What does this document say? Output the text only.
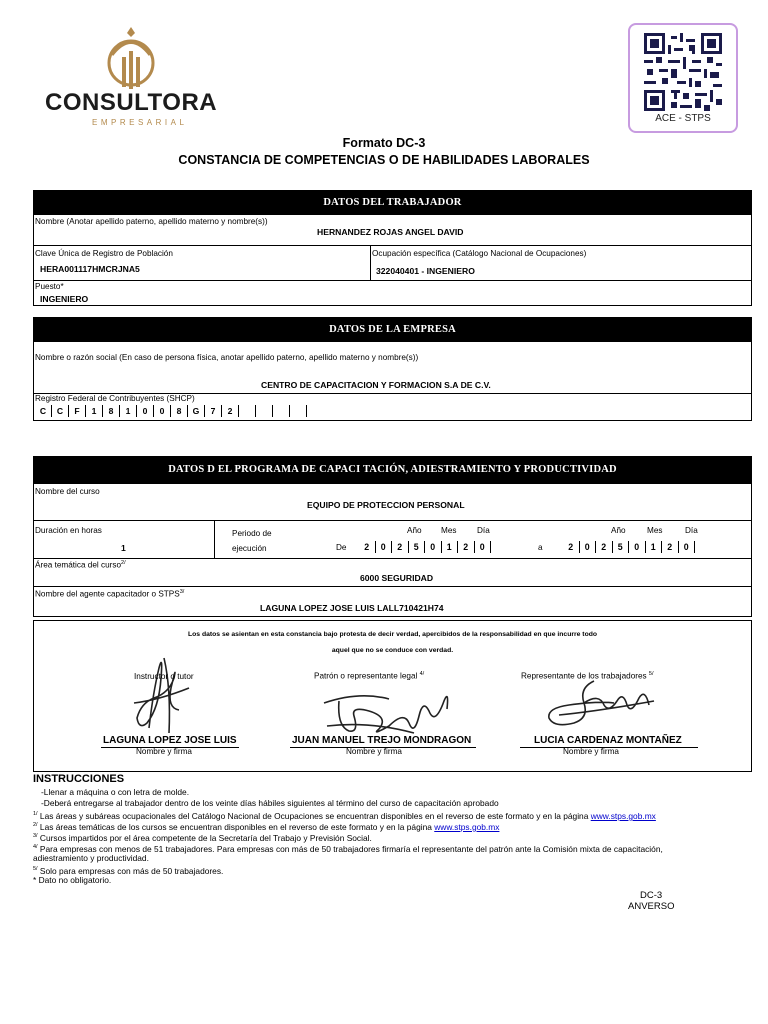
CONSULTORA
EMPRESARIAL	ACE - STPS
Formato DC-3
CONSTANCIA DE COMPETENCIAS O DE HABILIDADES LABORALES
DATOS DEL TRABAJADOR
Nombre (Anotar apellido paterno, apellido materno y nombre(s))
HERNANDEZ ROJAS ANGEL DAVID
Clave Única de Registro de Población
HERA001117HMCRJNA5
Ocupación específica (Catálogo Nacional de Ocupaciones)
322040401 - INGENIERO
Puesto*
INGENIERO
DATOS DE LA EMPRESA
Nombre o razón social (En caso de persona física, anotar apellido paterno, apellido materno y nombre(s))
CENTRO DE CAPACITACION Y FORMACION S.A DE C.V.
Registro Federal de Contribuyentes (SHCP)
C	C	F	1	8	1	0	0	8	G	7	2
DATOS D EL PROGRAMA DE CAPACI TACIÓN, ADIESTRAMIENTO Y PRODUCTIVIDAD
Nombre del curso
EQUIPO DE PROTECCION PERSONAL
Duración en horas
1
Periodo de
ejecución
Año Mes	Día
De	2	0	2	5	0	1	2	0
Año	Mes	Día
a	2	0	2	5	0	1	2	0
Área temática del curso$^{2/}$
6000 SEGURIDAD
Nombre del agente capacitador o $STPS^{3/}$
LAGUNA LOPEZ JOSE LUIS LALL710421H74
Los datos se asientan en esta constancia bajo protesta de decir verdad, apercibidos de la responsabilidad en que incurre todo
aquel que no se conduce con verdad.
Instructor o tutor	Patrón o representante legal $^{4/}$	Representante de los trabajadores $^{5/}$
LAGUNA LOPEZ JOSE LUIS
Nombre y firma
JUAN MANUEL TREJO MONDRAGON
Nombre y firma
LUCIA CARDENAZ MONTAÑEZ
Nombre y firma
INSTRUCCIONES
-Llenar a máquina o con letra de molde.
-Deberá entregarse al trabajador dentro de los veinte días hábiles siguientes al término del curso de capacitación aprobado
$^{1/}$ Las áreas y subáreas ocupacionales del Catálogo Nacional de Ocupaciones se encuentran disponibles en el reverso de este formato y en la página www.stps.gob.mx
$^{2/}$ Las áreas temáticas de los cursos se encuentran disponibles en el reverso de este formato y en la página www.stps.gob.mx
$^{3/}$ Cursos impartidos por el área competente de la Secretaría del Trabajo y Previsión Social.
$^{4/}$ Para empresas con menos de 51 trabajadores. Para empresas con más de 50 trabajadores firmaría el representante del patrón ante la Comisión mixta de capacitación,
adiestramiento y productividad.
$^{5/}$ Solo para empresas con más de 50 trabajadores.
* Dato no obligatorio.
DC-3
ANVERSO
